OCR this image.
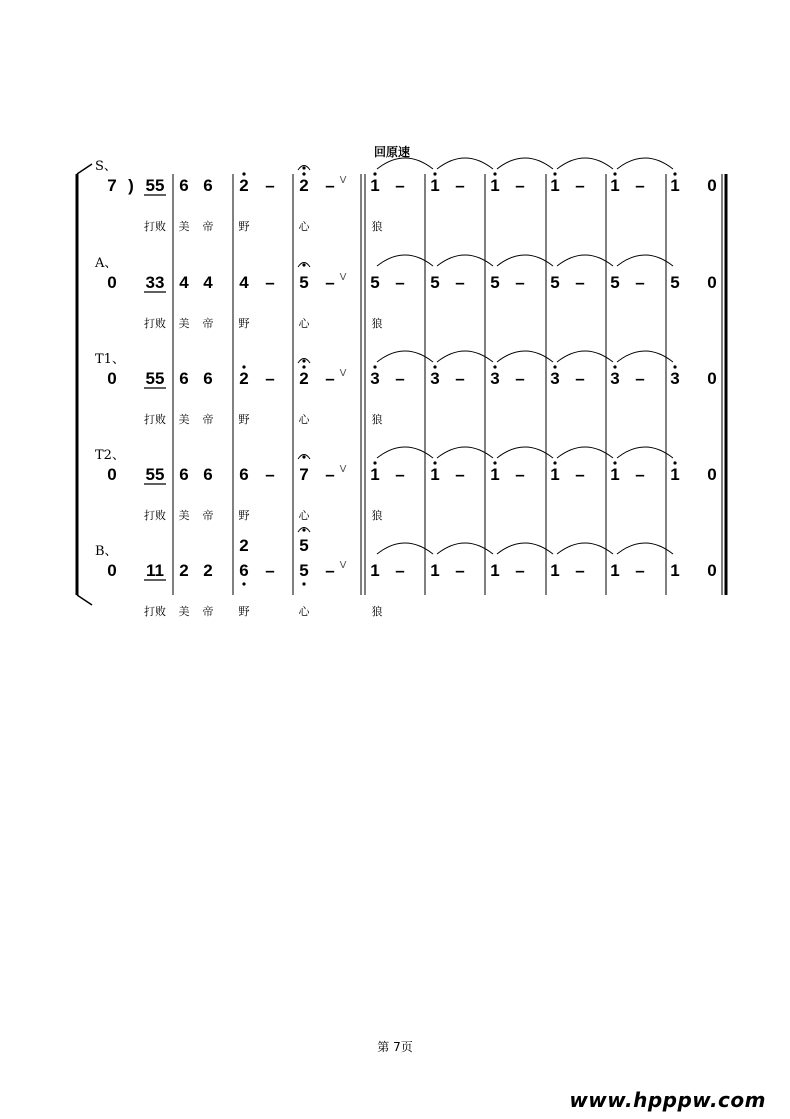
回原速
S、
7 ) 55 6 6 2 – 2 – V 1 – 1 – 1 – 1 – 1 – 1 0
打败 美 帝 野	心	狼
A、
0 33 4 4 4 – 5 – V 5 – 5 – 5 – 5 – 5 – 5 0
打败 美 帝 野	心	狼
T1、
0 55 6 6 2 – 2 – V 3 – 3 – 3 – 3 – 3 – 3 0
打败 美 帝 野	心	狼
T2、
0 55 6 6 6 – 7 – V 1 – 1 – 1 – 1 – 1 – 1 0
打败 美 帝 野	心	狼
B、
0 11 2 2 6 –
2
5 –
5
V 1 – 1 – 1 – 1 – 1 – 1 0
打败 美 帝 野	心	狼
第 7页
www.hpppw.com
